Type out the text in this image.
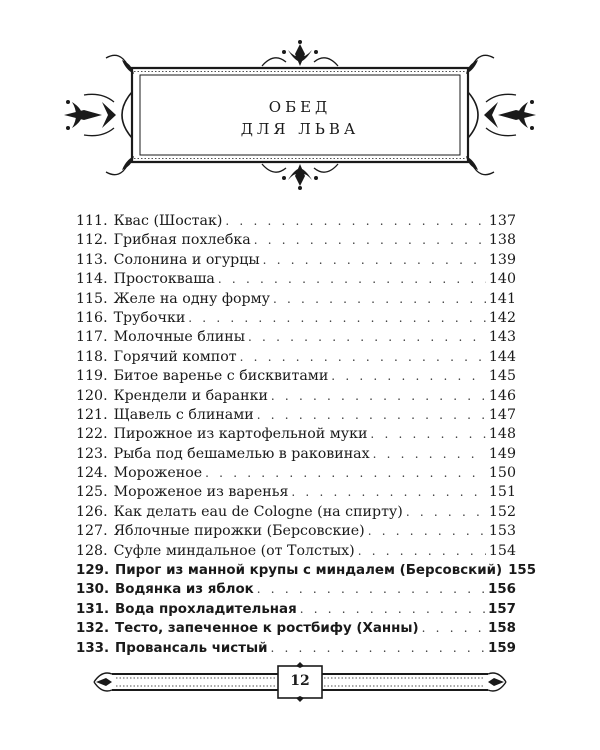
ОБЕД
ДЛЯ ЛЬВА
111. Квас (Шостак) . . .	137
112. Грибная похлебка . . .	138
113. Солонина и огурцы . . .	139
114. Простокваша . . .	140
115. Желе на одну форму . . .	141
116. Трубочки . . .	142
117. Молочные блины . . .	143
118. Горячий компот . . .	144
119. Битое варенье с бисквитами . . .	145
120. Крендели и баранки . . .	146
121. Щавель с блинами . . .	147
122. Пирожное из картофельной муки . . .	148
123. Рыба под бешамелью в раковинах . . .	149
124. Мороженое . . .	150
125. Мороженое из варенья . . .	151
126. Как делать eau de Cologne (на спирту) . . .	152
127. Яблочные пирожки (Берсовские) . . .	153
128. Суфле миндальное (от Толстых) . . .	154
129. Пирог из манной крупы с миндалем (Берсовский) 155
130. Водянка из яблок . . .	156
131. Вода прохладительная . . .	157
132. Тесто, запеченное к ростбифу (Ханны) . . .	158
133. Провансаль чистый . . .	159
12
